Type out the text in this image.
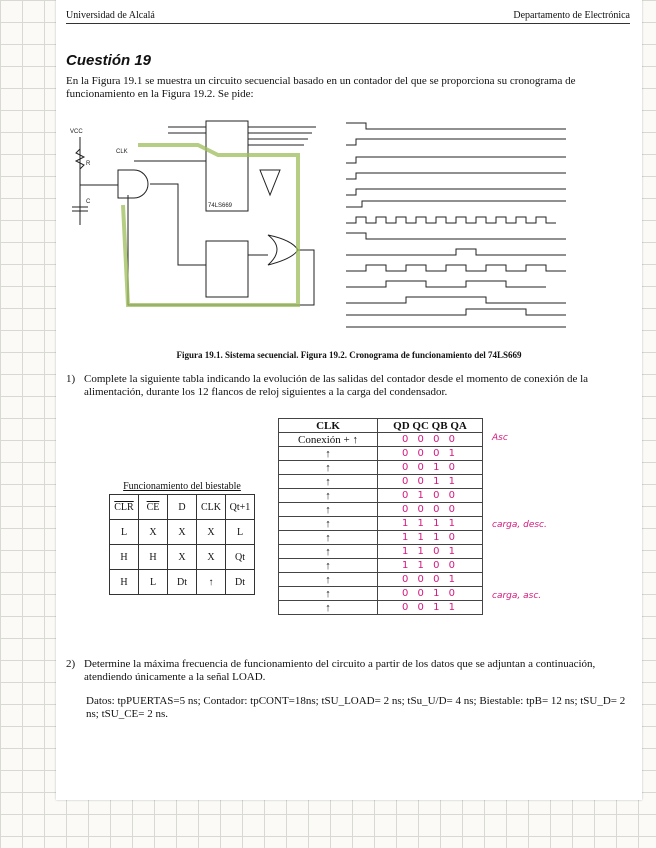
Universidad de Alcalá	Departamento de Electrónica
Cuestión 19
En la Figura 19.1 se muestra un circuito secuencial basado en un contador del que se proporciona su cronograma de funcionamiento en la Figura 19.2. Se pide:
VCC
CLK
R
C
74LS669
Figura 19.1. Sistema secuencial. Figura 19.2. Cronograma de funcionamiento del 74LS669
1) Complete la siguiente tabla indicando la evolución de las salidas del contador desde el momento de conexión de la alimentación, durante los 12 flancos de reloj siguientes a la carga del condensador.
Funcionamiento del biestable
$\overline{CLR}$	$\overline{CE}$	D	CLK	Qt+1
L	X	X	X	L
H	H	X	X	Qt
H	L	Dt	↑	Dt
CLK	QD QC QB QA
Conexión + ↑	0 0 0 0
↑	0 0 0 1
↑	0 0 1 0
↑	0 0 1 1
↑	0 1 0 0
↑	0 0 0 0
↑	1 1 1 1
↑	1 1 1 0
↑	1 1 0 1
↑	1 1 0 0
↑	0 0 0 1
↑	0 0 1 0
↑	0 0 1 1
Asc
carga, desc.
carga, asc.
2) Determine la máxima frecuencia de funcionamiento del circuito a partir de los datos que se adjuntan a continuación, atendiendo únicamente a la señal LOAD.
Datos: tpPUERTAS=5 ns; Contador: tpCONT=18ns; tSU_LOAD= 2 ns; tSu_U/D= 4 ns; Biestable: tpB= 12 ns; tSU_D= 2 ns; tSU_CE= 2 ns.
